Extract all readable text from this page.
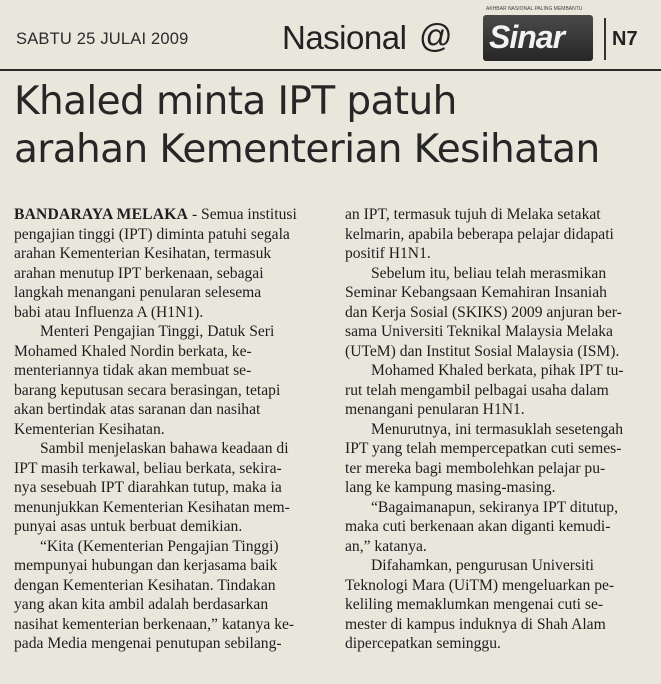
SABTU 25 JULAI 2009	Nasional @
AKHBAR NASIONAL PALING MEMBANTU
Sinar N7
Khaled minta IPT patuh
arahan Kementerian Kesihatan
BANDARAYA MELAKA - Semua institusi
pengajian tinggi (IPT) diminta patuhi segala
arahan Kementerian Kesihatan, termasuk
arahan menutup IPT berkenaan, sebagai
langkah menangani penularan selesema
babi atau Influenza A (H1N1).
Menteri Pengajian Tinggi, Datuk Seri
Mohamed Khaled Nordin berkata, ke-
menteriannya tidak akan membuat se-
barang keputusan secara berasingan, tetapi
akan bertindak atas saranan dan nasihat
Kementerian Kesihatan.
Sambil menjelaskan bahawa keadaan di
IPT masih terkawal, beliau berkata, sekira-
nya sesebuah IPT diarahkan tutup, maka ia
menunjukkan Kementerian Kesihatan mem-
punyai asas untuk berbuat demikian.
“Kita (Kementerian Pengajian Tinggi)
mempunyai hubungan dan kerjasama baik
dengan Kementerian Kesihatan. Tindakan
yang akan kita ambil adalah berdasarkan
nasihat kementerian berkenaan,” katanya ke-
pada Media mengenai penutupan sebilang-
an IPT, termasuk tujuh di Melaka setakat
kelmarin, apabila beberapa pelajar didapati
positif H1N1.
Sebelum itu, beliau telah merasmikan
Seminar Kebangsaan Kemahiran Insaniah
dan Kerja Sosial (SKIKS) 2009 anjuran ber-
sama Universiti Teknikal Malaysia Melaka
(UTeM) dan Institut Sosial Malaysia (ISM).
Mohamed Khaled berkata, pihak IPT tu-
rut telah mengambil pelbagai usaha dalam
menangani penularan H1N1.
Menurutnya, ini termasuklah sesetengah
IPT yang telah mempercepatkan cuti semes-
ter mereka bagi membolehkan pelajar pu-
lang ke kampung masing-masing.
“Bagaimanapun, sekiranya IPT ditutup,
maka cuti berkenaan akan diganti kemudi-
an,” katanya.
Difahamkan, pengurusan Universiti
Teknologi Mara (UiTM) mengeluarkan pe-
keliling memaklumkan mengenai cuti se-
mester di kampus induknya di Shah Alam
dipercepatkan seminggu.
